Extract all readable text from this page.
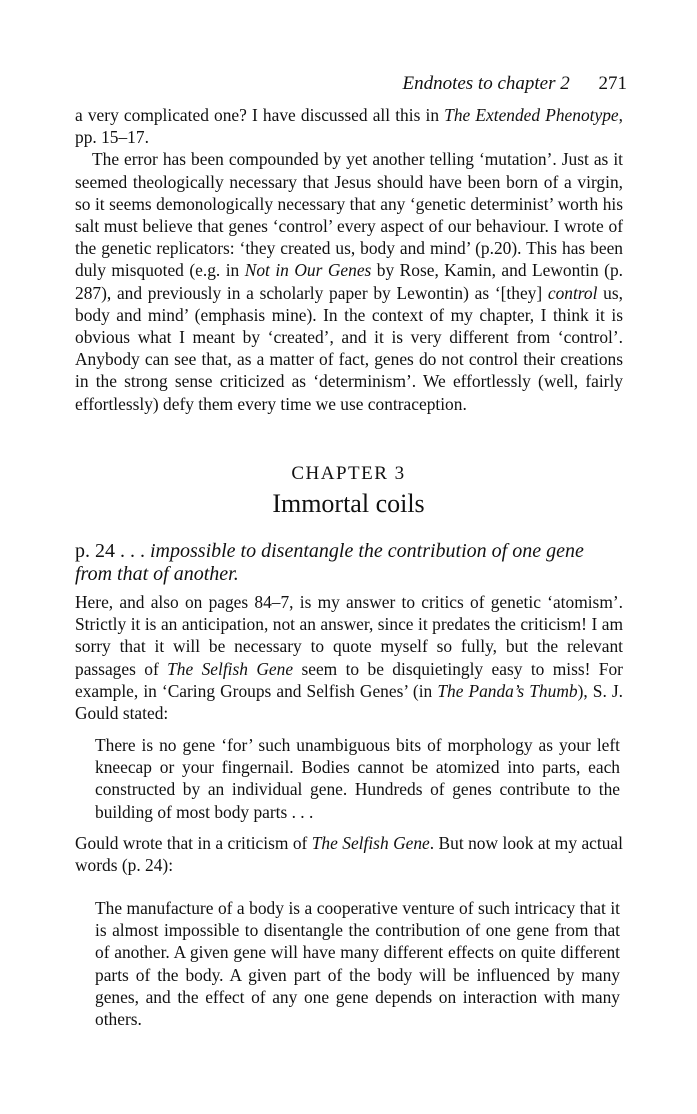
Endnotes to chapter 2 271

a very complicated one? I have discussed all this in The Extended Phenotype, pp. 15–17.

The error has been compounded by yet another telling ‘mutation’. Just as it seemed theologically necessary that Jesus should have been born of a virgin, so it seems demonologically necessary that any ‘genetic determinist’ worth his salt must believe that genes ‘control’ every aspect of our behaviour. I wrote of the genetic replicators: ‘they created us, body and mind’ (p.20). This has been duly misquoted (e.g. in Not in Our Genes by Rose, Kamin, and Lewontin (p. 287), and previously in a scholarly paper by Lewontin) as ‘[they] control us, body and mind’ (emphasis mine). In the context of my chapter, I think it is obvious what I meant by ‘created’, and it is very different from ‘control’. Anybody can see that, as a matter of fact, genes do not control their creations in the strong sense criticized as ‘determinism’. We effortlessly (well, fairly effortlessly) defy them every time we use contraception.

CHAPTER 3
Immortal coils
p. 24 . . . impossible to disentangle the contribution of one gene from that of another.

Here, and also on pages 84–7, is my answer to critics of genetic ‘atomism’. Strictly it is an anticipation, not an answer, since it predates the criticism! I am sorry that it will be necessary to quote myself so fully, but the relevant passages of The Selfish Gene seem to be disquietingly easy to miss! For example, in ‘Caring Groups and Selfish Genes’ (in The Panda’s Thumb), S. J. Gould stated:

There is no gene ‘for’ such unambiguous bits of morphology as your left kneecap or your fingernail. Bodies cannot be atomized into parts, each constructed by an individual gene. Hundreds of genes contribute to the building of most body parts . . .

Gould wrote that in a criticism of The Selfish Gene. But now look at my actual words (p. 24):

The manufacture of a body is a cooperative venture of such intricacy that it is almost impossible to disentangle the contribution of one gene from that of another. A given gene will have many different effects on quite different parts of the body. A given part of the body will be influenced by many genes, and the effect of any one gene depends on interaction with many others.
